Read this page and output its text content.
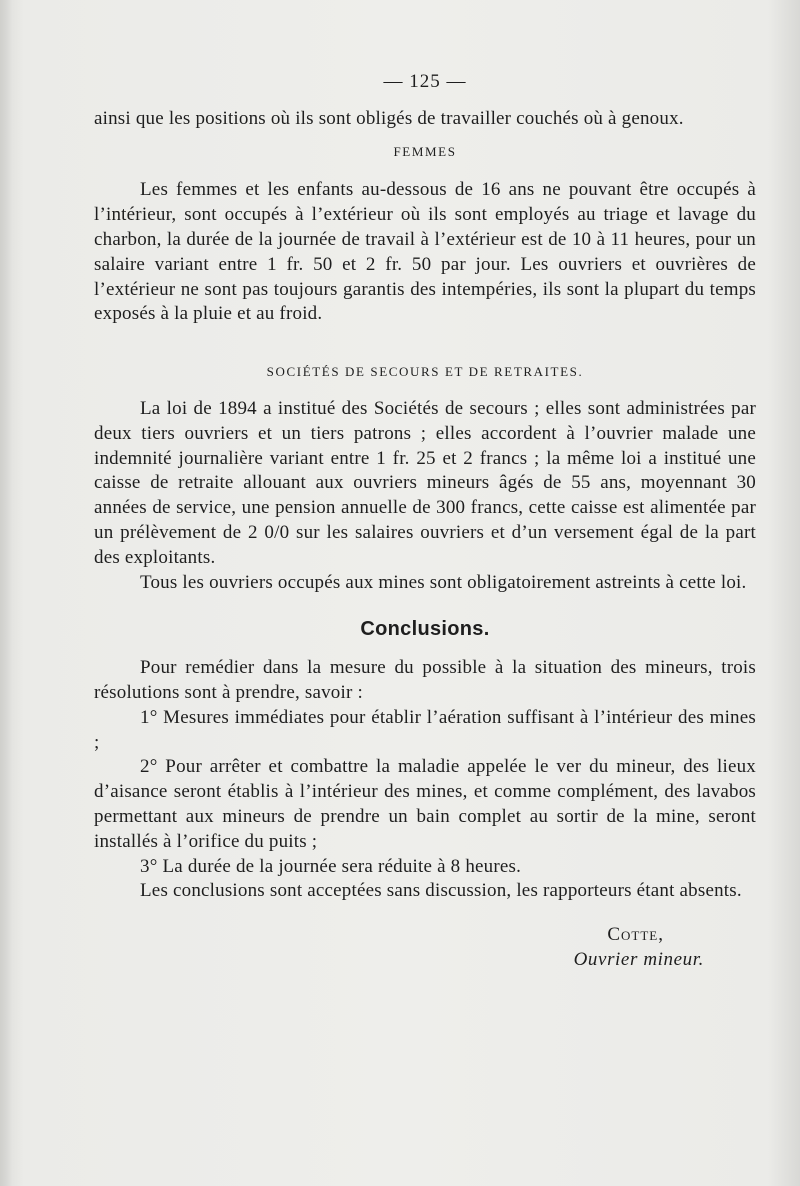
— 125 —

ainsi que les positions où ils sont obligés de travailler couchés où à genoux.

FEMMES

Les femmes et les enfants au-dessous de 16 ans ne pouvant être occupés à l’intérieur, sont occupés à l’extérieur où ils sont employés au triage et lavage du charbon, la durée de la journée de travail à l’extérieur est de 10 à 11 heures, pour un salaire variant entre 1 fr. 50 et 2 fr. 50 par jour. Les ouvriers et ouvrières de l’extérieur ne sont pas toujours garantis des intempéries, ils sont la plupart du temps exposés à la pluie et au froid.

SOCIÉTÉS DE SECOURS ET DE RETRAITES.

La loi de 1894 a institué des Sociétés de secours ; elles sont administrées par deux tiers ouvriers et un tiers patrons ; elles accordent à l’ouvrier malade une indemnité journalière variant entre 1 fr. 25 et 2 francs ; la même loi a institué une caisse de retraite allouant aux ouvriers mineurs âgés de 55 ans, moyennant 30 années de service, une pension annuelle de 300 francs, cette caisse est alimentée par un prélèvement de 2 0/0 sur les salaires ouvriers et d’un versement égal de la part des exploitants.

Tous les ouvriers occupés aux mines sont obligatoirement astreints à cette loi.

Conclusions.

Pour remédier dans la mesure du possible à la situation des mineurs, trois résolutions sont à prendre, savoir :

1° Mesures immédiates pour établir l’aération suffisant à l’intérieur des mines ;

2° Pour arrêter et combattre la maladie appelée le ver du mineur, des lieux d’aisance seront établis à l’intérieur des mines, et comme complément, des lavabos permettant aux mineurs de prendre un bain complet au sortir de la mine, seront installés à l’orifice du puits ;

3° La durée de la journée sera réduite à 8 heures.

Les conclusions sont acceptées sans discussion, les rapporteurs étant absents.

Cotte,
Ouvrier mineur.
